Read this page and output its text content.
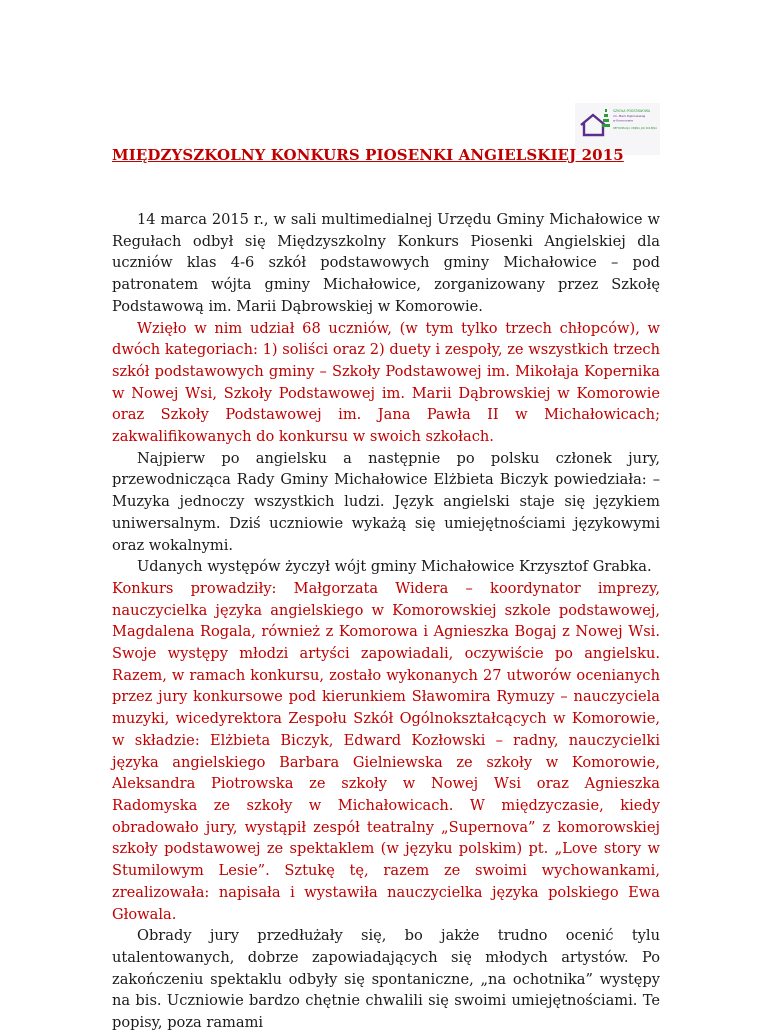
SZKOŁA PODSTAWOWA
im. Marii Dąbrowskiej
w Komorowie
REFORMACJA UNIJNA JAK KOLEJNA
MIĘDZYSZKOLNY KONKURS PIOSENKI ANGIELSKIEJ 2015

14 marca 2015 r., w sali multimedialnej Urzędu Gminy Michałowice w Regułach odbył się Międzyszkolny Konkurs Piosenki Angielskiej dla uczniów klas 4-6 szkół podstawowych gminy Michałowice – pod patronatem wójta gminy Michałowice, zorganizowany przez Szkołę Podstawową im. Marii Dąbrowskiej w Komorowie.

Wzięło w nim udział 68 uczniów, (w tym tylko trzech chłopców), w dwóch kategoriach: 1) soliści oraz 2) duety i zespoły, ze wszystkich trzech szkół podstawowych gminy – Szkoły Podstawowej im. Mikołaja Kopernika w Nowej Wsi, Szkoły Podstawowej im. Marii Dąbrowskiej w Komorowie oraz Szkoły Podstawowej im. Jana Pawła II w Michałowicach; zakwalifikowanych do konkursu w swoich szkołach.

Najpierw po angielsku a następnie po polsku członek jury, przewodnicząca Rady Gminy Michałowice Elżbieta Biczyk powiedziała: – Muzyka jednoczy wszystkich ludzi. Język angielski staje się językiem uniwersalnym. Dziś uczniowie wykażą się umiejętnościami językowymi oraz wokalnymi.

Udanych występów życzył wójt gminy Michałowice Krzysztof Grabka.

Konkurs prowadziły: Małgorzata Widera – koordynator imprezy, nauczycielka języka angielskiego w Komorowskiej szkole podstawowej, Magdalena Rogala, również z Komorowa i Agnieszka Bogaj z Nowej Wsi. Swoje występy młodzi artyści zapowiadali, oczywiście po angielsku. Razem, w ramach konkursu, zostało wykonanych 27 utworów ocenianych przez jury konkursowe pod kierunkiem Sławomira Rymuzy – nauczyciela muzyki, wicedyrektora Zespołu Szkół Ogólnokształcących w Komorowie, w składzie: Elżbieta Biczyk, Edward Kozłowski – radny, nauczycielki języka angielskiego Barbara Gielniewska ze szkoły w Komorowie, Aleksandra Piotrowska ze szkoły w Nowej Wsi oraz Agnieszka Radomyska ze szkoły w Michałowicach. W międzyczasie, kiedy obradowało jury, wystąpił zespół teatralny „Supernova” z komorowskiej szkoły podstawowej ze spektaklem (w języku polskim) pt. „Love story w Stumilowym Lesie”. Sztukę tę, razem ze swoimi wychowankami, zrealizowała: napisała i wystawiła nauczycielka języka polskiego Ewa Głowala.

Obrady jury przedłużały się, bo jakże trudno ocenić tylu utalentowanych, dobrze zapowiadających się młodych artystów. Po zakończeniu spektaklu odbyły się spontaniczne, „na ochotnika” występy na bis. Uczniowie bardzo chętnie chwalili się swoimi umiejętnościami. Te popisy, poza ramami
